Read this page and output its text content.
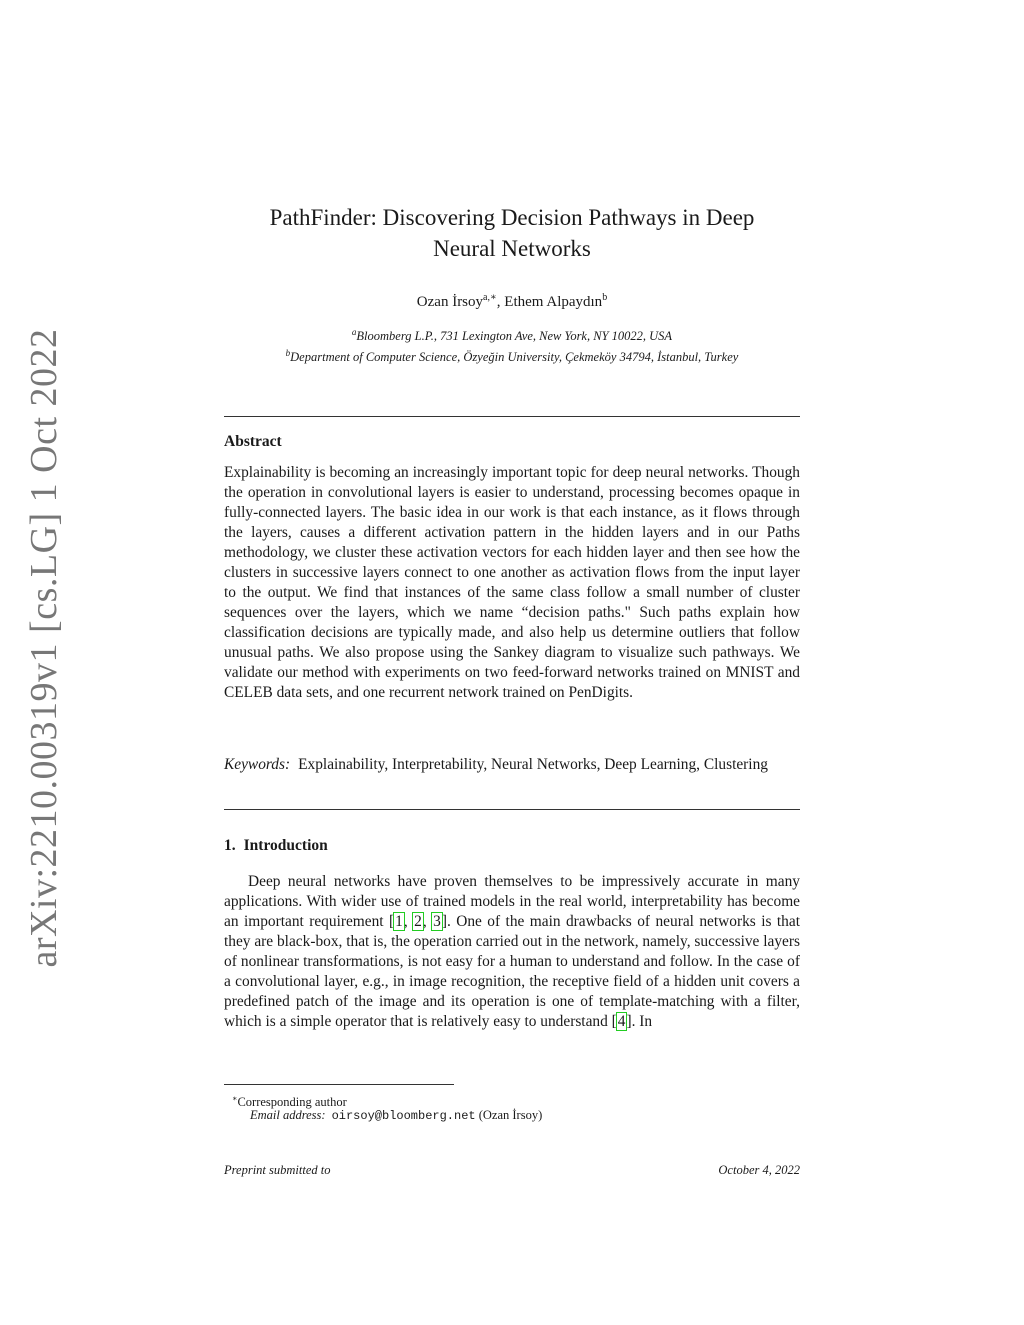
arXiv:2210.00319v1 [cs.LG] 1 Oct 2022
PathFinder: Discovering Decision Pathways in Deep
Neural Networks
Ozan İrsoy$^{a,∗}$, Ethem Alpaydın$^b$
$^a$Bloomberg L.P., 731 Lexington Ave, New York, NY 10022, USA
$^b$Department of Computer Science, Özyeğin University, Çekmeköy 34794, İstanbul, Turkey
Abstract
Explainability is becoming an increasingly important topic for deep neural networks. Though the operation in convolutional layers is easier to understand, processing becomes opaque in fully-connected layers. The basic idea in our work is that each instance, as it flows through the layers, causes a different activation pattern in the hidden layers and in our Paths methodology, we cluster these activation vectors for each hidden layer and then see how the clusters in successive layers connect to one another as activation flows from the input layer to the output. We find that instances of the same class follow a small number of cluster sequences over the layers, which we name “decision paths." Such paths explain how classification decisions are typically made, and also help us determine outliers that follow unusual paths. We also propose using the Sankey diagram to visualize such pathways. We validate our method with experiments on two feed-forward networks trained on MNIST and CELEB data sets, and one recurrent network trained on PenDigits.
Keywords: Explainability, Interpretability, Neural Networks, Deep Learning, Clustering
1. Introduction
Deep neural networks have proven themselves to be impressively accurate in many applications. With wider use of trained models in the real world, interpretability has become an important requirement [1, 2, 3]. One of the main drawbacks of neural networks is that they are black-box, that is, the operation carried out in the network, namely, successive layers of nonlinear transformations, is not easy for a human to understand and follow. In the case of a convolutional layer, e.g., in image recognition, the receptive field of a hidden unit covers a predefined patch of the image and its operation is one of template-matching with a filter, which is a simple operator that is relatively easy to understand [4]. In
∗Corresponding author
Email address: oirsoy@bloomberg.net (Ozan İrsoy)
Preprint submitted to	October 4, 2022
